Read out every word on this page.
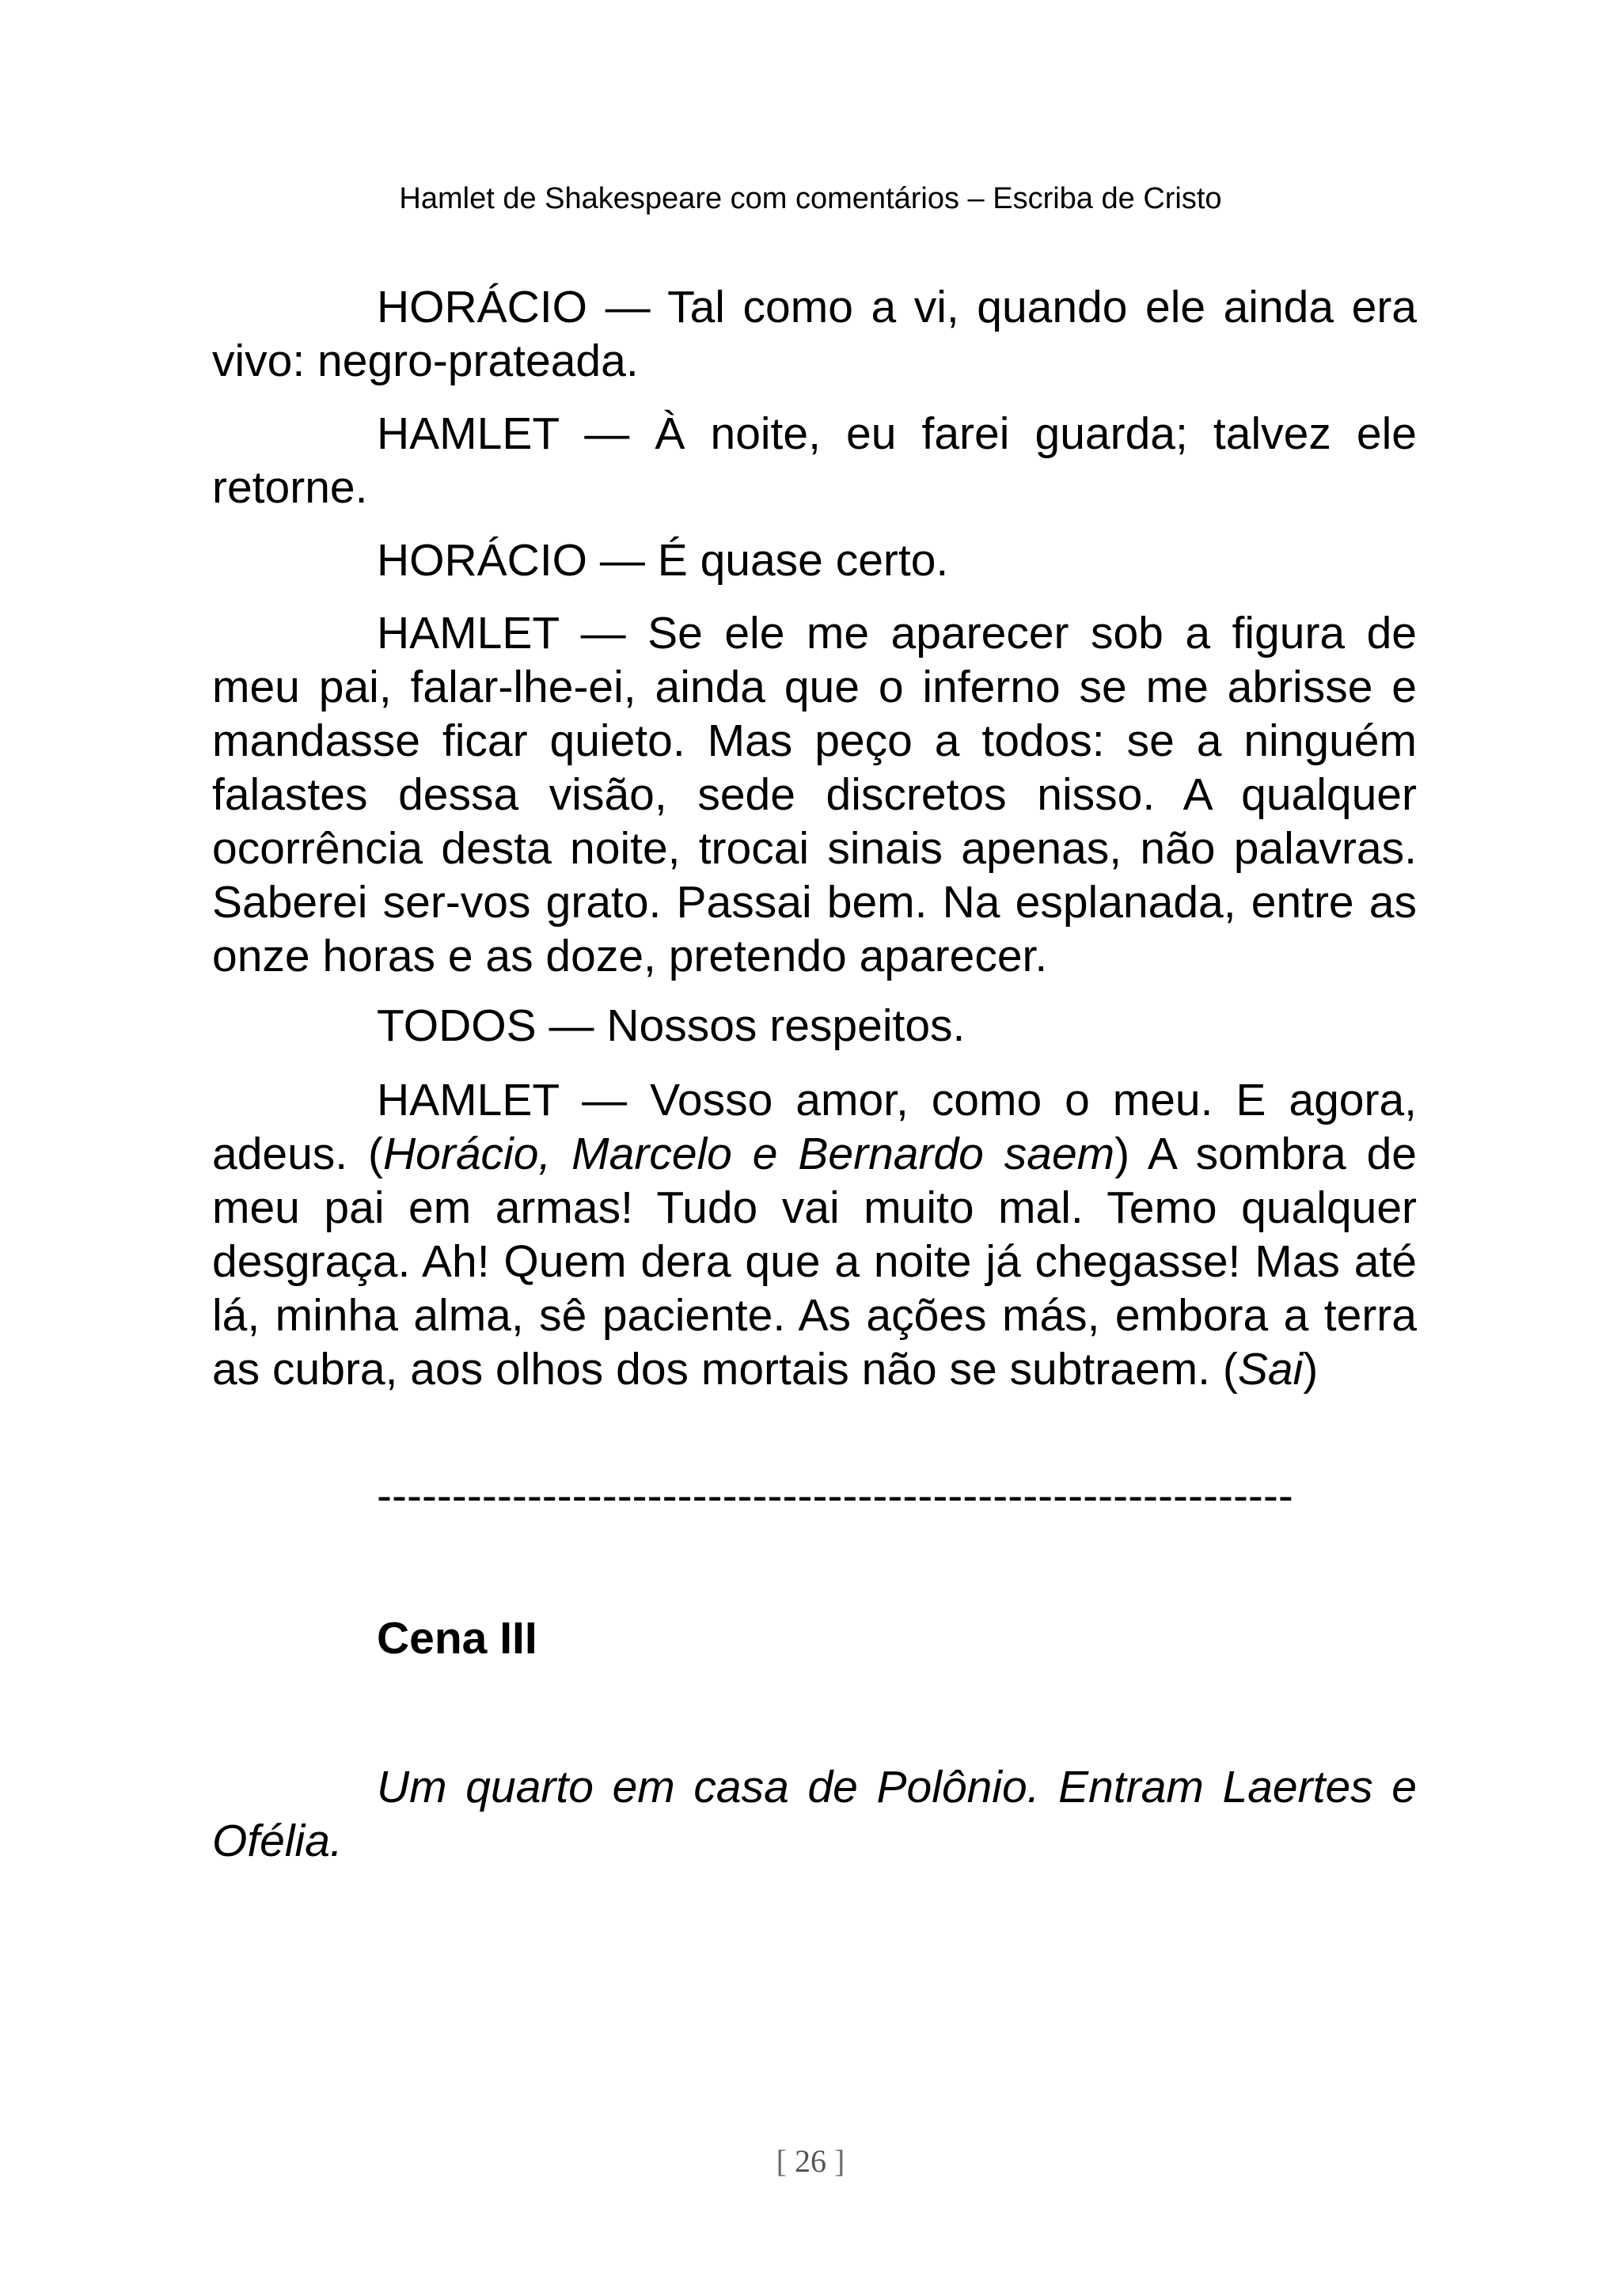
Hamlet de Shakespeare com comentários – Escriba de Cristo

HORÁCIO — Tal como a vi, quando ele ainda era vivo: negro-prateada.

HAMLET — À noite, eu farei guarda; talvez ele retorne.

HORÁCIO — É quase certo.

HAMLET — Se ele me aparecer sob a figura de meu pai, falar-lhe-ei, ainda que o inferno se me abrisse e mandasse ficar quieto. Mas peço a todos: se a ninguém falastes dessa visão, sede discretos nisso. A qualquer ocorrência desta noite, trocai sinais apenas, não palavras. Saberei ser-vos grato. Passai bem. Na esplanada, entre as onze horas e as doze, pretendo aparecer.

TODOS — Nossos respeitos.

HAMLET — Vosso amor, como o meu. E agora, adeus. (Horácio, Marcelo e Bernardo saem) A sombra de meu pai em armas! Tudo vai muito mal. Temo qualquer desgraça. Ah! Quem dera que a noite já chegasse! Mas até lá, minha alma, sê paciente. As ações más, embora a terra as cubra, aos olhos dos mortais não se subtraem. (Sai)

-------------------------------------------------------------
Cena III

Um quarto em casa de Polônio. Entram Laertes e Ofélia.

[ 26 ]
